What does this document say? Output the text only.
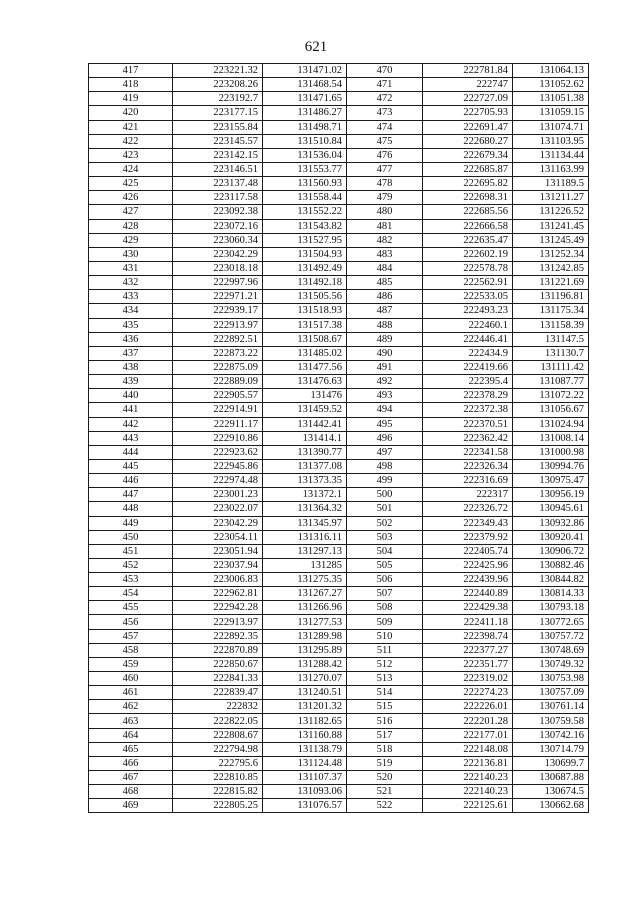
621
417	223221.32	131471.02	470	222781.84	131064.13
418	223208.26	131468.54	471	222747	131052.62
419	223192.7	131471.65	472	222727.09	131051.38
420	223177.15	131486.27	473	222705.93	131059.15
421	223155.84	131498.71	474	222691.47	131074.71
422	223145.57	131510.84	475	222680.27	131103.95
423	223142.15	131536.04	476	222679.34	131134.44
424	223146.51	131553.77	477	222685.87	131163.99
425	223137.48	131560.93	478	222695.82	131189.5
426	223117.58	131558.44	479	222698.31	131211.27
427	223092.38	131552.22	480	222685.56	131226.52
428	223072.16	131543.82	481	222666.58	131241.45
429	223060.34	131527.95	482	222635.47	131245.49
430	223042.29	131504.93	483	222602.19	131252.34
431	223018.18	131492.49	484	222578.78	131242.85
432	222997.96	131492.18	485	222562.91	131221.69
433	222971.21	131505.56	486	222533.05	131196.81
434	222939.17	131518.93	487	222493.23	131175.34
435	222913.97	131517.38	488	222460.1	131158.39
436	222892.51	131508.67	489	222446.41	131147.5
437	222873.22	131485.02	490	222434.9	131130.7
438	222875.09	131477.56	491	222419.66	131111.42
439	222889.09	131476.63	492	222395.4	131087.77
440	222905.57	131476	493	222378.29	131072.22
441	222914.91	131459.52	494	222372.38	131056.67
442	222911.17	131442.41	495	222370.51	131024.94
443	222910.86	131414.1	496	222362.42	131008.14
444	222923.62	131390.77	497	222341.58	131000.98
445	222945.86	131377.08	498	222326.34	130994.76
446	222974.48	131373.35	499	222316.69	130975.47
447	223001.23	131372.1	500	222317	130956.19
448	223022.07	131364.32	501	222326.72	130945.61
449	223042.29	131345.97	502	222349.43	130932.86
450	223054.11	131316.11	503	222379.92	130920.41
451	223051.94	131297.13	504	222405.74	130906.72
452	223037.94	131285	505	222425.96	130882.46
453	223006.83	131275.35	506	222439.96	130844.82
454	222962.81	131267.27	507	222440.89	130814.33
455	222942.28	131266.96	508	222429.38	130793.18
456	222913.97	131277.53	509	222411.18	130772.65
457	222892.35	131289.98	510	222398.74	130757.72
458	222870.89	131295.89	511	222377.27	130748.69
459	222850.67	131288.42	512	222351.77	130749.32
460	222841.33	131270.07	513	222319.02	130753.98
461	222839.47	131240.51	514	222274.23	130757.09
462	222832	131201.32	515	222226.01	130761.14
463	222822.05	131182.65	516	222201.28	130759.58
464	222808.67	131160.88	517	222177.01	130742.16
465	222794.98	131138.79	518	222148.08	130714.79
466	222795.6	131124.48	519	222136.81	130699.7
467	222810.85	131107.37	520	222140.23	130687.88
468	222815.82	131093.06	521	222140.23	130674.5
469	222805.25	131076.57	522	222125.61	130662.68
